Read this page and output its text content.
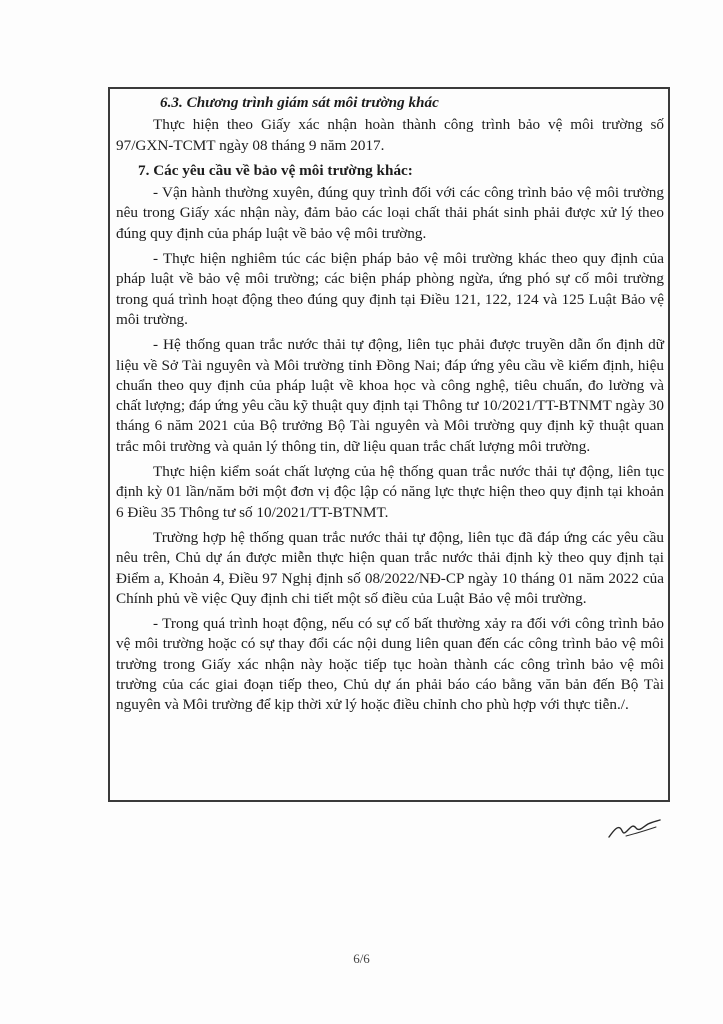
6.3. Chương trình giám sát môi trường khác

Thực hiện theo Giấy xác nhận hoàn thành công trình bảo vệ môi trường số 97/GXN-TCMT ngày 08 tháng 9 năm 2017.

7. Các yêu cầu về bảo vệ môi trường khác:

- Vận hành thường xuyên, đúng quy trình đối với các công trình bảo vệ môi trường nêu trong Giấy xác nhận này, đảm bảo các loại chất thải phát sinh phải được xử lý theo đúng quy định của pháp luật về bảo vệ môi trường.

- Thực hiện nghiêm túc các biện pháp bảo vệ môi trường khác theo quy định của pháp luật về bảo vệ môi trường; các biện pháp phòng ngừa, ứng phó sự cố môi trường trong quá trình hoạt động theo đúng quy định tại Điều 121, 122, 124 và 125 Luật Bảo vệ môi trường.

- Hệ thống quan trắc nước thải tự động, liên tục phải được truyền dẫn ổn định dữ liệu về Sở Tài nguyên và Môi trường tỉnh Đồng Nai; đáp ứng yêu cầu về kiểm định, hiệu chuẩn theo quy định của pháp luật về khoa học và công nghệ, tiêu chuẩn, đo lường và chất lượng; đáp ứng yêu cầu kỹ thuật quy định tại Thông tư 10/2021/TT-BTNMT ngày 30 tháng 6 năm 2021 của Bộ trưởng Bộ Tài nguyên và Môi trường quy định kỹ thuật quan trắc môi trường và quản lý thông tin, dữ liệu quan trắc chất lượng môi trường.

Thực hiện kiểm soát chất lượng của hệ thống quan trắc nước thải tự động, liên tục định kỳ 01 lần/năm bởi một đơn vị độc lập có năng lực thực hiện theo quy định tại khoản 6 Điều 35 Thông tư số 10/2021/TT-BTNMT.

Trường hợp hệ thống quan trắc nước thải tự động, liên tục đã đáp ứng các yêu cầu nêu trên, Chủ dự án được miễn thực hiện quan trắc nước thải định kỳ theo quy định tại Điểm a, Khoản 4, Điều 97 Nghị định số 08/2022/NĐ-CP ngày 10 tháng 01 năm 2022 của Chính phủ về việc Quy định chi tiết một số điều của Luật Bảo vệ môi trường.

- Trong quá trình hoạt động, nếu có sự cố bất thường xảy ra đối với công trình bảo vệ môi trường hoặc có sự thay đổi các nội dung liên quan đến các công trình bảo vệ môi trường trong Giấy xác nhận này hoặc tiếp tục hoàn thành các công trình bảo vệ môi trường của các giai đoạn tiếp theo, Chủ dự án phải báo cáo bằng văn bản đến Bộ Tài nguyên và Môi trường để kịp thời xử lý hoặc điều chỉnh cho phù hợp với thực tiễn./.

6/6
